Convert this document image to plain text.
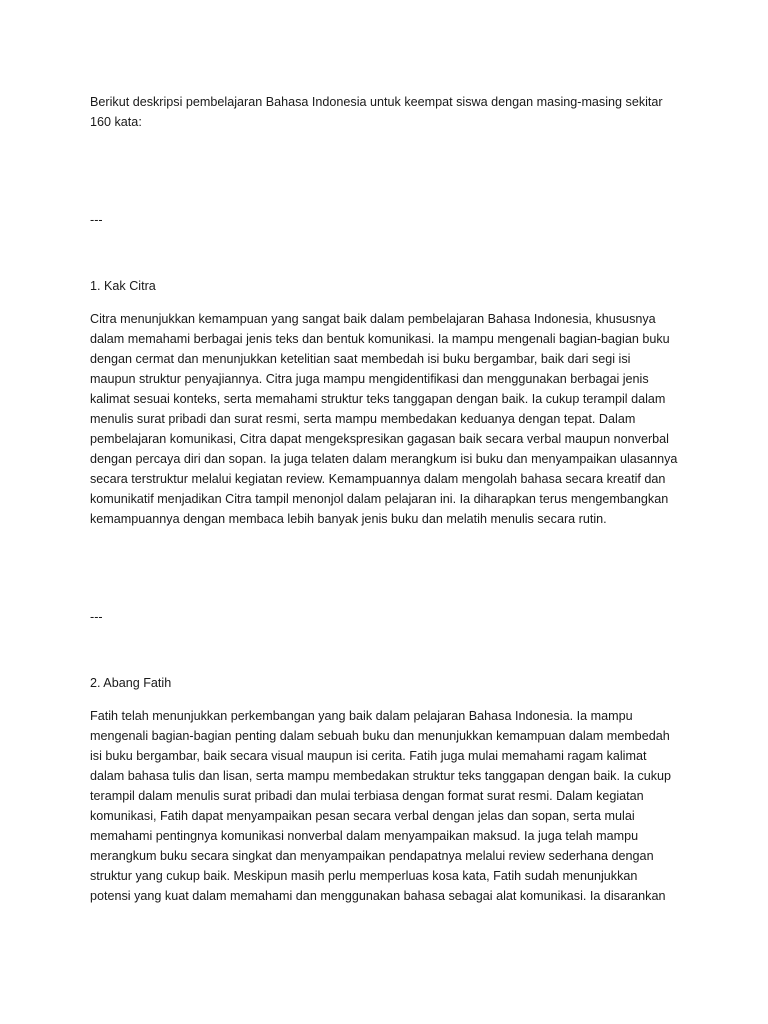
Berikut deskripsi pembelajaran Bahasa Indonesia untuk keempat siswa dengan masing-masing sekitar
160 kata:
---
1. Kak Citra
Citra menunjukkan kemampuan yang sangat baik dalam pembelajaran Bahasa Indonesia, khususnya
dalam memahami berbagai jenis teks dan bentuk komunikasi. Ia mampu mengenali bagian-bagian buku
dengan cermat dan menunjukkan ketelitian saat membedah isi buku bergambar, baik dari segi isi
maupun struktur penyajiannya. Citra juga mampu mengidentifikasi dan menggunakan berbagai jenis
kalimat sesuai konteks, serta memahami struktur teks tanggapan dengan baik. Ia cukup terampil dalam
menulis surat pribadi dan surat resmi, serta mampu membedakan keduanya dengan tepat. Dalam
pembelajaran komunikasi, Citra dapat mengekspresikan gagasan baik secara verbal maupun nonverbal
dengan percaya diri dan sopan. Ia juga telaten dalam merangkum isi buku dan menyampaikan ulasannya
secara terstruktur melalui kegiatan review. Kemampuannya dalam mengolah bahasa secara kreatif dan
komunikatif menjadikan Citra tampil menonjol dalam pelajaran ini. Ia diharapkan terus mengembangkan
kemampuannya dengan membaca lebih banyak jenis buku dan melatih menulis secara rutin.
---
2. Abang Fatih
Fatih telah menunjukkan perkembangan yang baik dalam pelajaran Bahasa Indonesia. Ia mampu
mengenali bagian-bagian penting dalam sebuah buku dan menunjukkan kemampuan dalam membedah
isi buku bergambar, baik secara visual maupun isi cerita. Fatih juga mulai memahami ragam kalimat
dalam bahasa tulis dan lisan, serta mampu membedakan struktur teks tanggapan dengan baik. Ia cukup
terampil dalam menulis surat pribadi dan mulai terbiasa dengan format surat resmi. Dalam kegiatan
komunikasi, Fatih dapat menyampaikan pesan secara verbal dengan jelas dan sopan, serta mulai
memahami pentingnya komunikasi nonverbal dalam menyampaikan maksud. Ia juga telah mampu
merangkum buku secara singkat dan menyampaikan pendapatnya melalui review sederhana dengan
struktur yang cukup baik. Meskipun masih perlu memperluas kosa kata, Fatih sudah menunjukkan
potensi yang kuat dalam memahami dan menggunakan bahasa sebagai alat komunikasi. Ia disarankan
